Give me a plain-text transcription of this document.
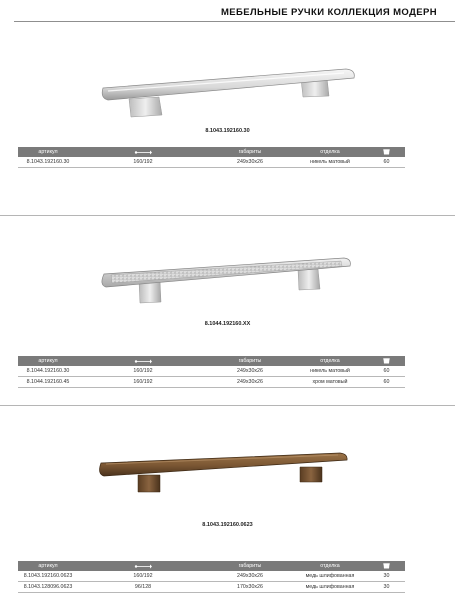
МЕБЕЛЬНЫЕ РУЧКИ КОЛЛЕКЦИЯ МОДЕРН
8.1043.192160.30
артикул		габариты	отделка	

8.1043.192160.30	160/192	249x30x26	никель матовый	60
8.1044.192160.XX
артикул		габариты	отделка	

8.1044.192160.30	160/192	249x30x26	никель матовый	60
8.1044.192160.45	160/192	249x30x26	хром матовый	60
8.1043.192160.0623
артикул		габариты	отделка	

8.1043.192160.0623	160/192	249x30x26	медь шлифованная	30
8.1043.128096.0623	96/128	170x30x26	медь шлифованная	30
